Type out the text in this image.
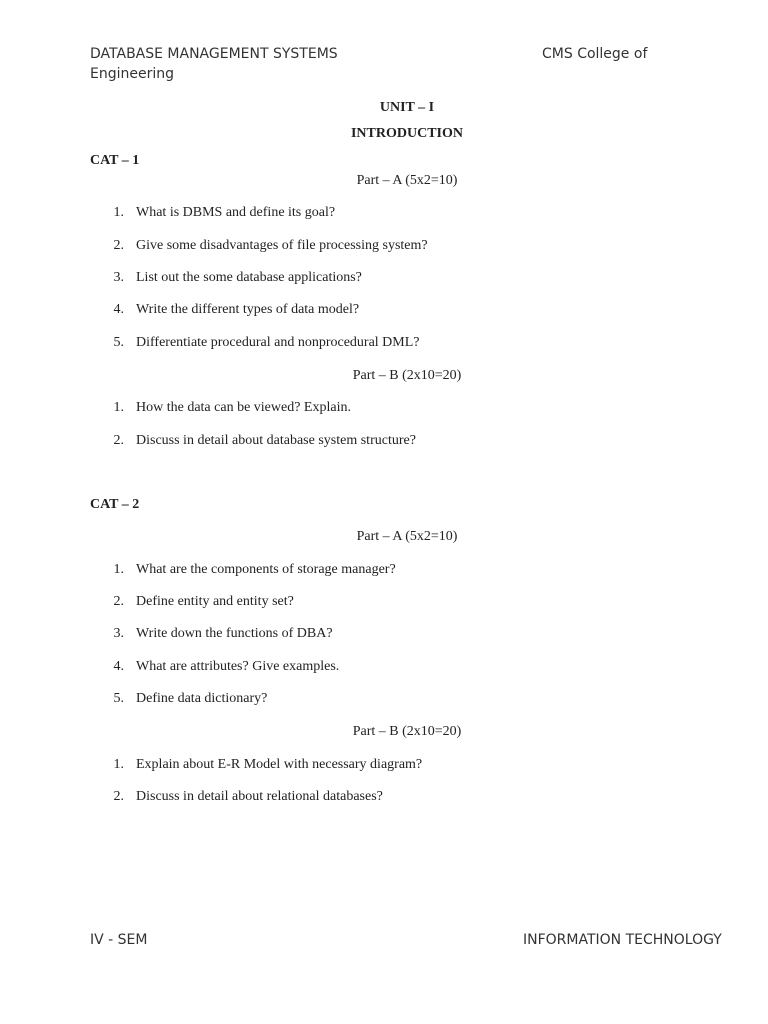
DATABASE MANAGEMENT SYSTEMS
Engineering
CMS College of
UNIT – I
INTRODUCTION
CAT – 1
Part – A (5x2=10)
1. What is DBMS and define its goal?
2. Give some disadvantages of file processing system?
3. List out the some database applications?
4. Write the different types of data model?
5. Differentiate procedural and nonprocedural DML?
Part – B (2x10=20)
1. How the data can be viewed? Explain.
2. Discuss in detail about database system structure?
CAT – 2
Part – A (5x2=10)
1. What are the components of storage manager?
2. Define entity and entity set?
3. Write down the functions of DBA?
4. What are attributes? Give examples.
5. Define data dictionary?
Part – B (2x10=20)
1. Explain about E-R Model with necessary diagram?
2. Discuss in detail about relational databases?
IV - SEM	INFORMATION TECHNOLOGY
